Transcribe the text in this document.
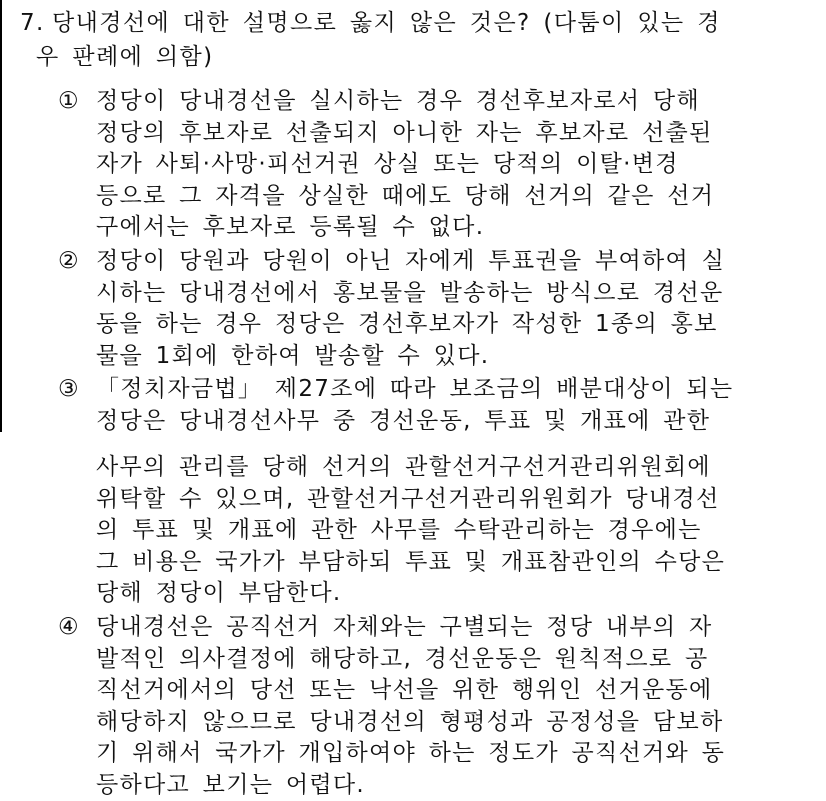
7. 당내경선에 대한 설명으로 옳지 않은 것은? (다툼이 있는 경
우 판례에 의함)
① 정당이 당내경선을 실시하는 경우 경선후보자로서 당해
정당의 후보자로 선출되지 아니한 자는 후보자로 선출된
자가 사퇴·사망·피선거권 상실 또는 당적의 이탈·변경
등으로 그 자격을 상실한 때에도 당해 선거의 같은 선거
구에서는 후보자로 등록될 수 없다.
② 정당이 당원과 당원이 아닌 자에게 투표권을 부여하여 실
시하는 당내경선에서 홍보물을 발송하는 방식으로 경선운
동을 하는 경우 정당은 경선후보자가 작성한 1종의 홍보
물을 1회에 한하여 발송할 수 있다.
③ 「정치자금법」 제27조에 따라 보조금의 배분대상이 되는
정당은 당내경선사무 중 경선운동, 투표 및 개표에 관한
사무의 관리를 당해 선거의 관할선거구선거관리위원회에
위탁할 수 있으며, 관할선거구선거관리위원회가 당내경선
의 투표 및 개표에 관한 사무를 수탁관리하는 경우에는
그 비용은 국가가 부담하되 투표 및 개표참관인의 수당은
당해 정당이 부담한다.
④ 당내경선은 공직선거 자체와는 구별되는 정당 내부의 자
발적인 의사결정에 해당하고, 경선운동은 원칙적으로 공
직선거에서의 당선 또는 낙선을 위한 행위인 선거운동에
해당하지 않으므로 당내경선의 형평성과 공정성을 담보하
기 위해서 국가가 개입하여야 하는 정도가 공직선거와 동
등하다고 보기는 어렵다.
